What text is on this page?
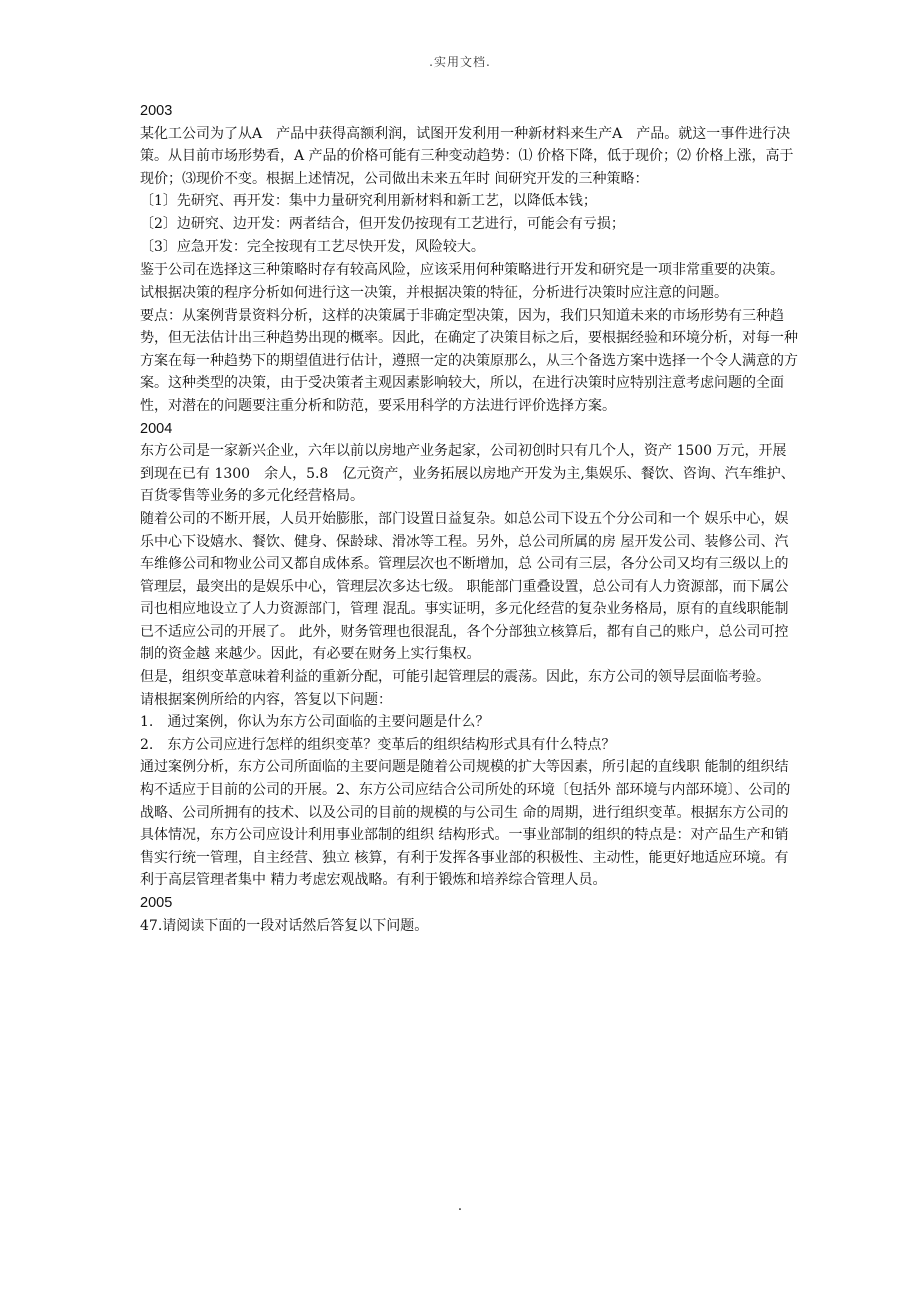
.实用文档.

2003

某化工公司为了从A　产品中获得高额利润，试图开发利用一种新材料来生产A　产品。就这一事件进行决策。从目前市场形势看，A 产品的价格可能有三种变动趋势：⑴ 价格下降，低于现价；⑵ 价格上涨，高于现价；⑶现价不变。根据上述情况，公司做出未来五年时 间研究开发的三种策略：

〔1〕先研究、再开发：集中力量研究利用新材料和新工艺，以降低本钱；

〔2〕边研究、边开发：两者结合，但开发仍按现有工艺进行，可能会有亏损；

〔3〕应急开发：完全按现有工艺尽快开发，风险较大。

鉴于公司在选择这三种策略时存有较高风险，应该采用何种策略进行开发和研究是一项非常重要的决策。

试根据决策的程序分析如何进行这一决策，并根据决策的特征，分析进行决策时应注意的问题。

要点：从案例背景资料分析，这样的决策属于非确定型决策，因为，我们只知道未来的市场形势有三种趋势，但无法估计出三种趋势出现的概率。因此，在确定了决策目标之后，要根据经验和环境分析，对每一种方案在每一种趋势下的期望值进行估计，遵照一定的决策原那么，从三个备选方案中选择一个令人满意的方案。这种类型的决策，由于受决策者主观因素影响较大，所以，在进行决策时应特别注意考虑问题的全面性，对潜在的问题要注重分析和防范，要采用科学的方法进行评价选择方案。

2004

东方公司是一家新兴企业，六年以前以房地产业务起家，公司初创时只有几个人，资产 1500 万元，开展到现在已有 1300　余人，5.8　亿元资产，业务拓展以房地产开发为主,集娱乐、餐饮、咨询、汽车维护、百货零售等业务的多元化经营格局。

随着公司的不断开展，人员开始膨胀，部门设置日益复杂。如总公司下设五个分公司和一个 娱乐中心，娱乐中心下设嬉水、餐饮、健身、保龄球、滑冰等工程。另外，总公司所属的房 屋开发公司、装修公司、汽车维修公司和物业公司又都自成体系。管理层次也不断增加，总 公司有三层，各分公司又均有三级以上的管理层，最突出的是娱乐中心，管理层次多达七级。 职能部门重叠设置，总公司有人力资源部，而下属公司也相应地设立了人力资源部门，管理 混乱。事实证明，多元化经营的复杂业务格局，原有的直线职能制已不适应公司的开展了。 此外，财务管理也很混乱，各个分部独立核算后，都有自己的账户，总公司可控制的资金越 来越少。因此，有必要在财务上实行集权。

但是，组织变革意味着利益的重新分配，可能引起管理层的震荡。因此，东方公司的领导层面临考验。

请根据案例所给的内容，答复以下问题：

1.　通过案例，你认为东方公司面临的主要问题是什么？

2.　东方公司应进行怎样的组织变革？变革后的组织结构形式具有什么特点？

通过案例分析，东方公司所面临的主要问题是随着公司规模的扩大等因素，所引起的直线职 能制的组织结构不适应于目前的公司的开展。2、东方公司应结合公司所处的环境〔包括外 部环境与内部环境〕、公司的战略、公司所拥有的技术、以及公司的目前的规模的与公司生 命的周期，进行组织变革。根据东方公司的具体情况，东方公司应设计利用事业部制的组织 结构形式。一事业部制的组织的特点是：对产品生产和销售实行统一管理，自主经营、独立 核算，有利于发挥各事业部的积极性、主动性，能更好地适应环境。有利于高层管理者集中 精力考虑宏观战略。有利于锻炼和培养综合管理人员。

2005

47.请阅读下面的一段对话然后答复以下问题。

.
